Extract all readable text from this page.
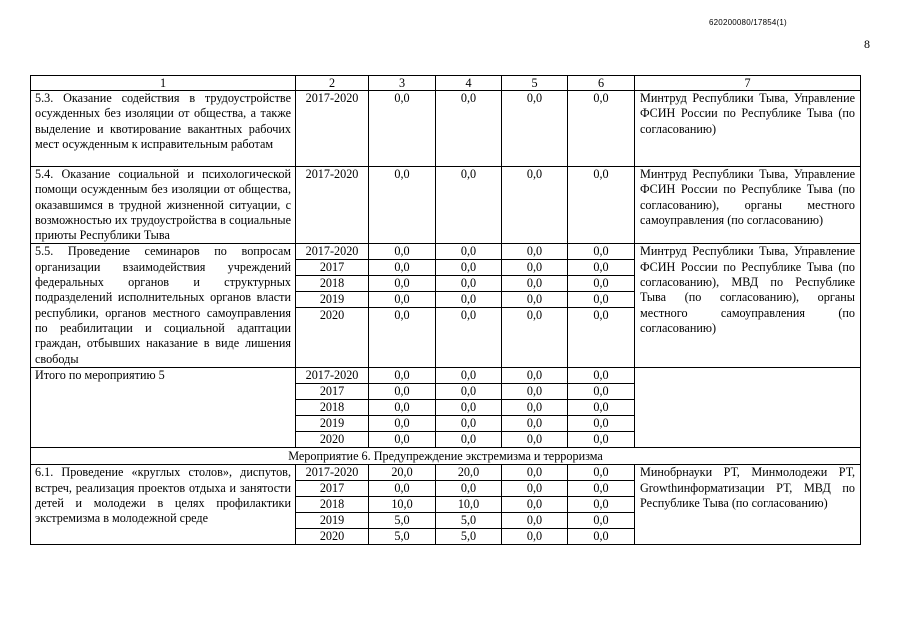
620200080/17854(1)
8
1	2	3	4	5	6	7
5.3. Оказание содействия в трудоустройстве осужденных без изоляции от общества, а также выделение и квотирование вакантных рабочих мест осужденным к исправительным работам	2017-2020	0,0	0,0	0,0	0,0	Минтруд Республики Тыва, Управление ФСИН России по Республике Тыва (по согласованию)
5.4. Оказание социальной и психологической помощи осужденным без изоляции от общества, оказавшимся в трудной жизненной ситуации, с возможностью их трудоустройства в социальные приюты Республики Тыва	2017-2020	0,0	0,0	0,0	0,0	Минтруд Республики Тыва, Управление ФСИН России по Республике Тыва (по согласованию), органы местного самоуправления (по согласованию)
5.5. Проведение семинаров по вопросам организации взаимодействия учреждений федеральных органов и структурных подразделений исполнительных органов власти республики, органов местного самоуправления по реабилитации и социальной адаптации граждан, отбывших наказание в виде лишения свободы	2017-2020	0,0	0,0	0,0	0,0	Минтруд Республики Тыва, Управление ФСИН России по Республике Тыва (по согласованию), МВД по Республике Тыва (по согласованию), органы местного самоуправления (по согласованию)
	2017	0,0	0,0	0,0	0,0	
	2018	0,0	0,0	0,0	0,0	
	2019	0,0	0,0	0,0	0,0	
	2020	0,0	0,0	0,0	0,0	
Итого по мероприятию 5	2017-2020	0,0	0,0	0,0	0,0	
	2017	0,0	0,0	0,0	0,0	
	2018	0,0	0,0	0,0	0,0	
	2019	0,0	0,0	0,0	0,0	
	2020	0,0	0,0	0,0	0,0	
Мероприятие 6. Предупреждение экстремизма и терроризма						
6.1. Проведение «круглых столов», диспутов, встреч, реализация проектов отдыха и занятости детей и молодежи в целях профилактики экстремизма в молодежной среде	2017-2020	20,0	20,0	0,0	0,0	Минобрнауки РТ, Минмолодежи РТ, Growthинформатизации РТ, МВД по Республике Тыва (по согласованию)
	2017	0,0	0,0	0,0	0,0	
	2018	10,0	10,0	0,0	0,0	
	2019	5,0	5,0	0,0	0,0	
	2020	5,0	5,0	0,0	0,0	
